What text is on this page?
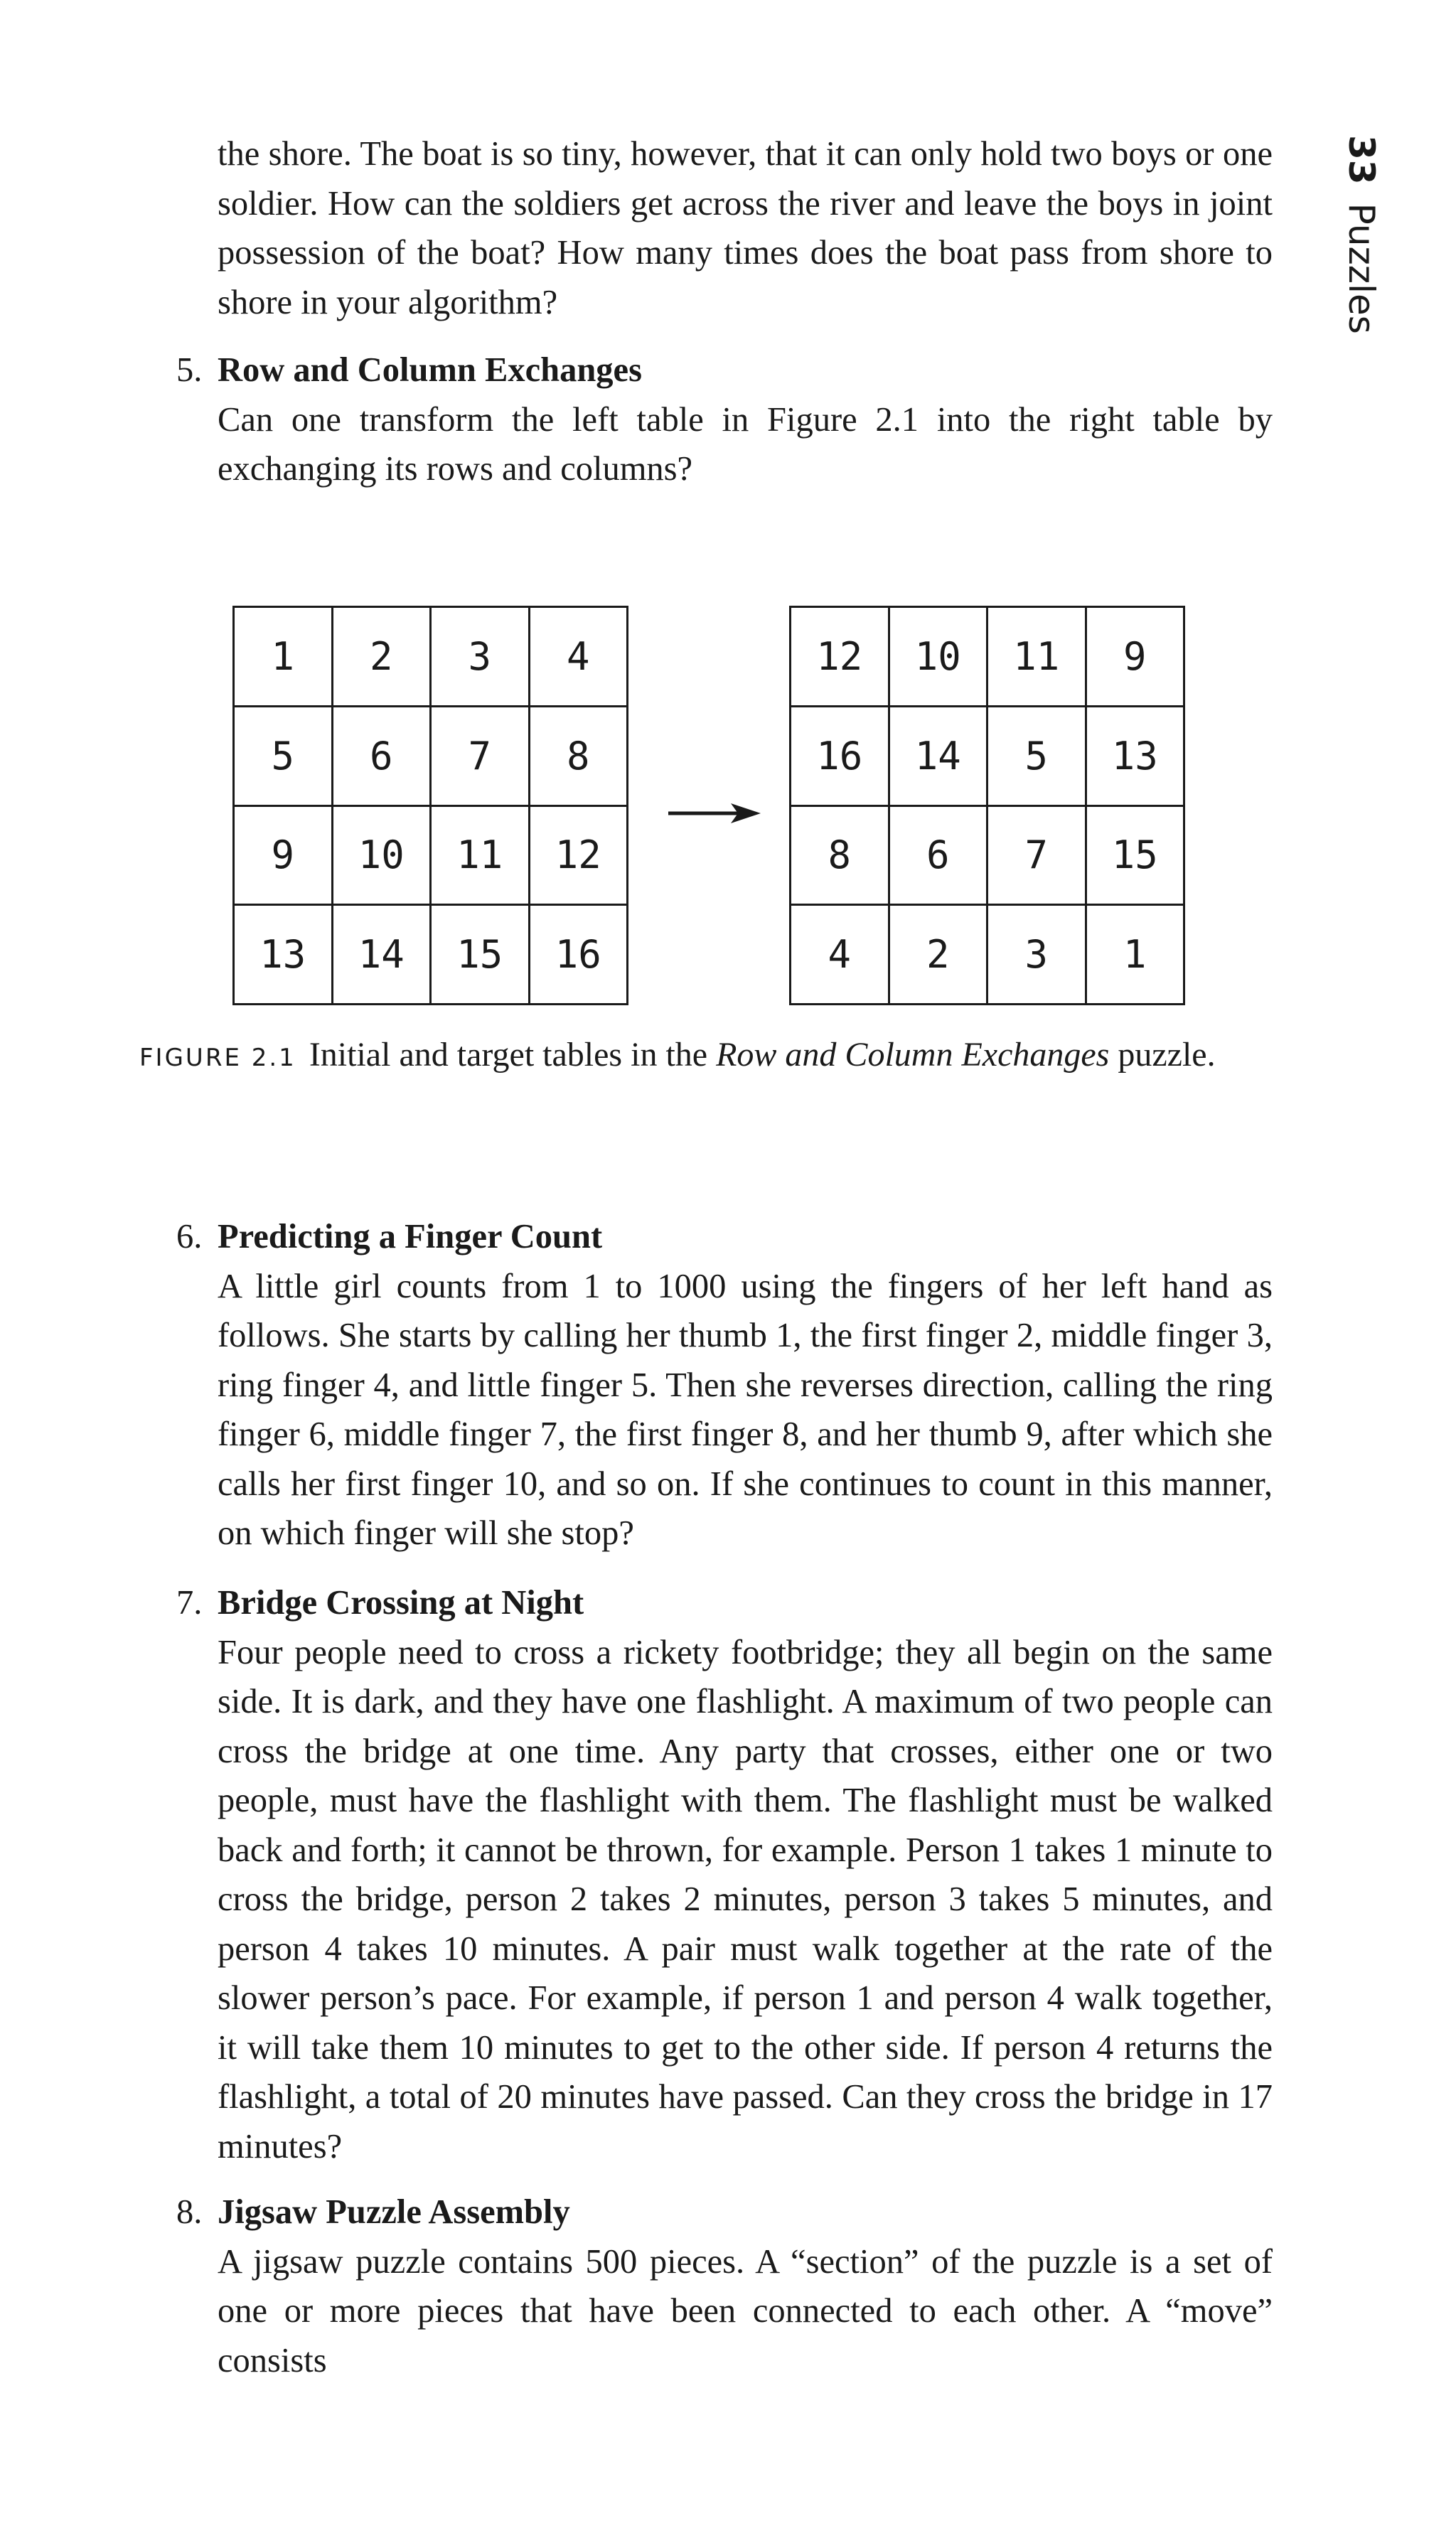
33Puzzles

the shore. The boat is so tiny, however, that it can only hold two boys or one soldier. How can the soldiers get across the river and leave the boys in joint possession of the boat? How many times does the boat pass from shore to shore in your algorithm?

5. Row and Column Exchanges

Can one transform the left table in Figure 2.1 into the right table by exchanging its rows and columns?

1	2	3	4
5	6	7	8
9	10	11	12
13	14	15	16
12	10	11	9
16	14	5	13
8	6	7	15
4	2	3	1
FIGURE 2.1 Initial and target tables in the Row and Column Exchanges puzzle.
6. Predicting a Finger Count

A little girl counts from 1 to 1000 using the fingers of her left hand as follows. She starts by calling her thumb 1, the first finger 2, middle finger 3, ring finger 4, and little finger 5. Then she reverses direction, calling the ring finger 6, middle finger 7, the first finger 8, and her thumb 9, after which she calls her first finger 10, and so on. If she continues to count in this manner, on which finger will she stop?

7. Bridge Crossing at Night

Four people need to cross a rickety footbridge; they all begin on the same side. It is dark, and they have one flashlight. A maximum of two people can cross the bridge at one time. Any party that crosses, either one or two people, must have the flashlight with them. The flashlight must be walked back and forth; it cannot be thrown, for example. Person 1 takes 1 minute to cross the bridge, person 2 takes 2 minutes, person 3 takes 5 minutes, and person 4 takes 10 minutes. A pair must walk together at the rate of the slower person’s pace. For example, if person 1 and person 4 walk together, it will take them 10 minutes to get to the other side. If person 4 returns the flashlight, a total of 20 minutes have passed. Can they cross the bridge in 17 minutes?

8. Jigsaw Puzzle Assembly

A jigsaw puzzle contains 500 pieces. A “section” of the puzzle is a set of one or more pieces that have been connected to each other. A “move” consists
